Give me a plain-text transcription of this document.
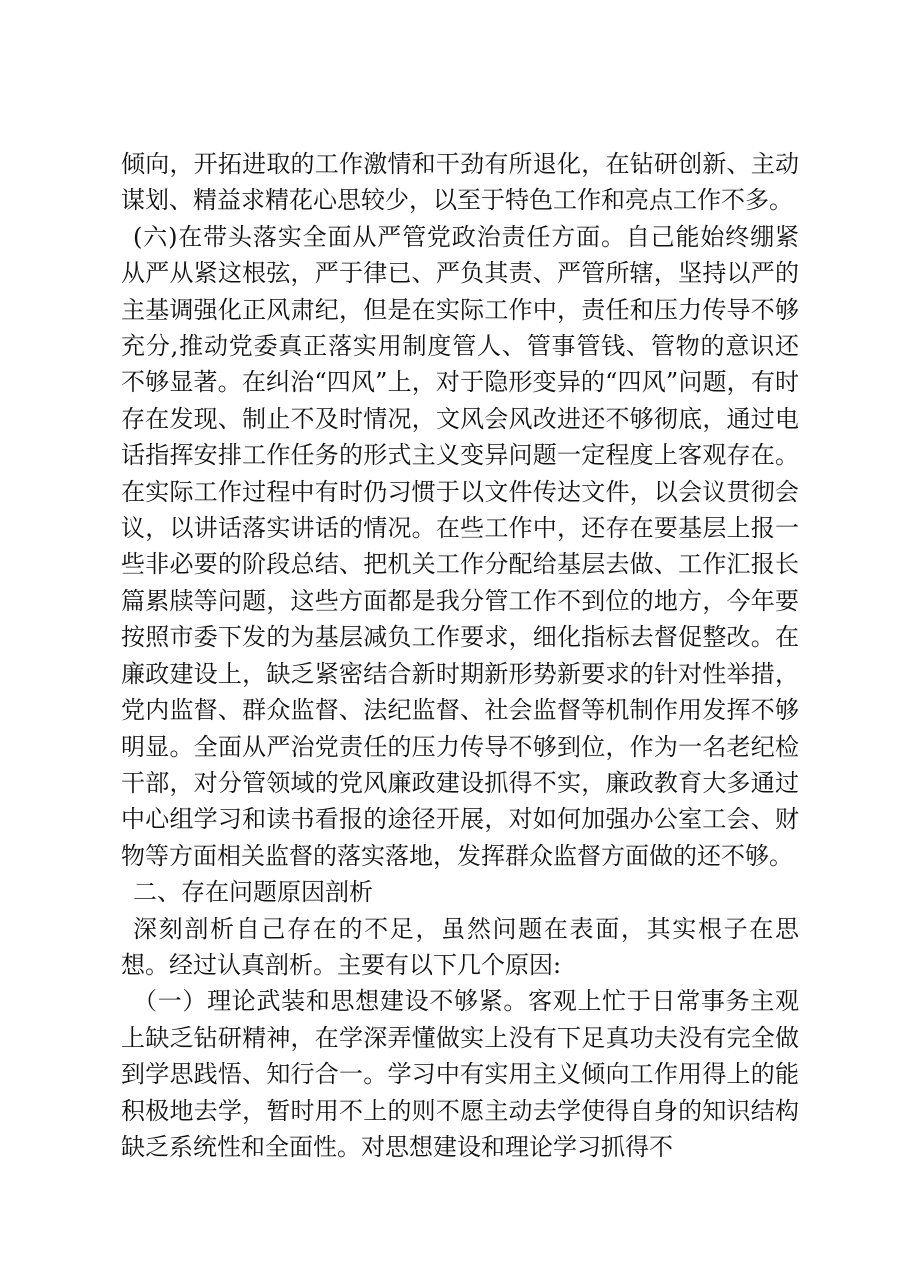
倾向，开拓进取的工作激情和干劲有所退化，在钻研创新、主动谋划、精益求精花心思较少，以至于特色工作和亮点工作不多。

(六)在带头落实全面从严管党政治责任方面。自己能始终绷紧从严从紧这根弦，严于律已、严负其责、严管所辖，坚持以严的主基调强化正风肃纪，但是在实际工作中，责任和压力传导不够充分,推动党委真正落实用制度管人、管事管钱、管物的意识还不够显著。在纠治“四风”上，对于隐形变异的“四风”问题，有时存在发现、制止不及时情况，文风会风改进还不够彻底，通过电话指挥安排工作任务的形式主义变异问题一定程度上客观存在。在实际工作过程中有时仍习惯于以文件传达文件，以会议贯彻会议，以讲话落实讲话的情况。在些工作中，还存在要基层上报一些非必要的阶段总结、把机关工作分配给基层去做、工作汇报长篇累牍等问题，这些方面都是我分管工作不到位的地方，今年要按照市委下发的为基层减负工作要求，细化指标去督促整改。在廉政建设上，缺乏紧密结合新时期新形势新要求的针对性举措，党内监督、群众监督、法纪监督、社会监督等机制作用发挥不够明显。全面从严治党责任的压力传导不够到位，作为一名老纪检干部，对分管领域的党风廉政建设抓得不实，廉政教育大多通过中心组学习和读书看报的途径开展，对如何加强办公室工会、财物等方面相关监督的落实落地，发挥群众监督方面做的还不够。

二、存在问题原因剖析

深刻剖析自己存在的不足，虽然问题在表面，其实根子在思想。经过认真剖析。主要有以下几个原因:

（一）理论武装和思想建设不够紧。客观上忙于日常事务主观上缺乏钻研精神，在学深弄懂做实上没有下足真功夫没有完全做到学思践悟、知行合一。学习中有实用主义倾向工作用得上的能积极地去学，暂时用不上的则不愿主动去学使得自身的知识结构缺乏系统性和全面性。对思想建设和理论学习抓得不
